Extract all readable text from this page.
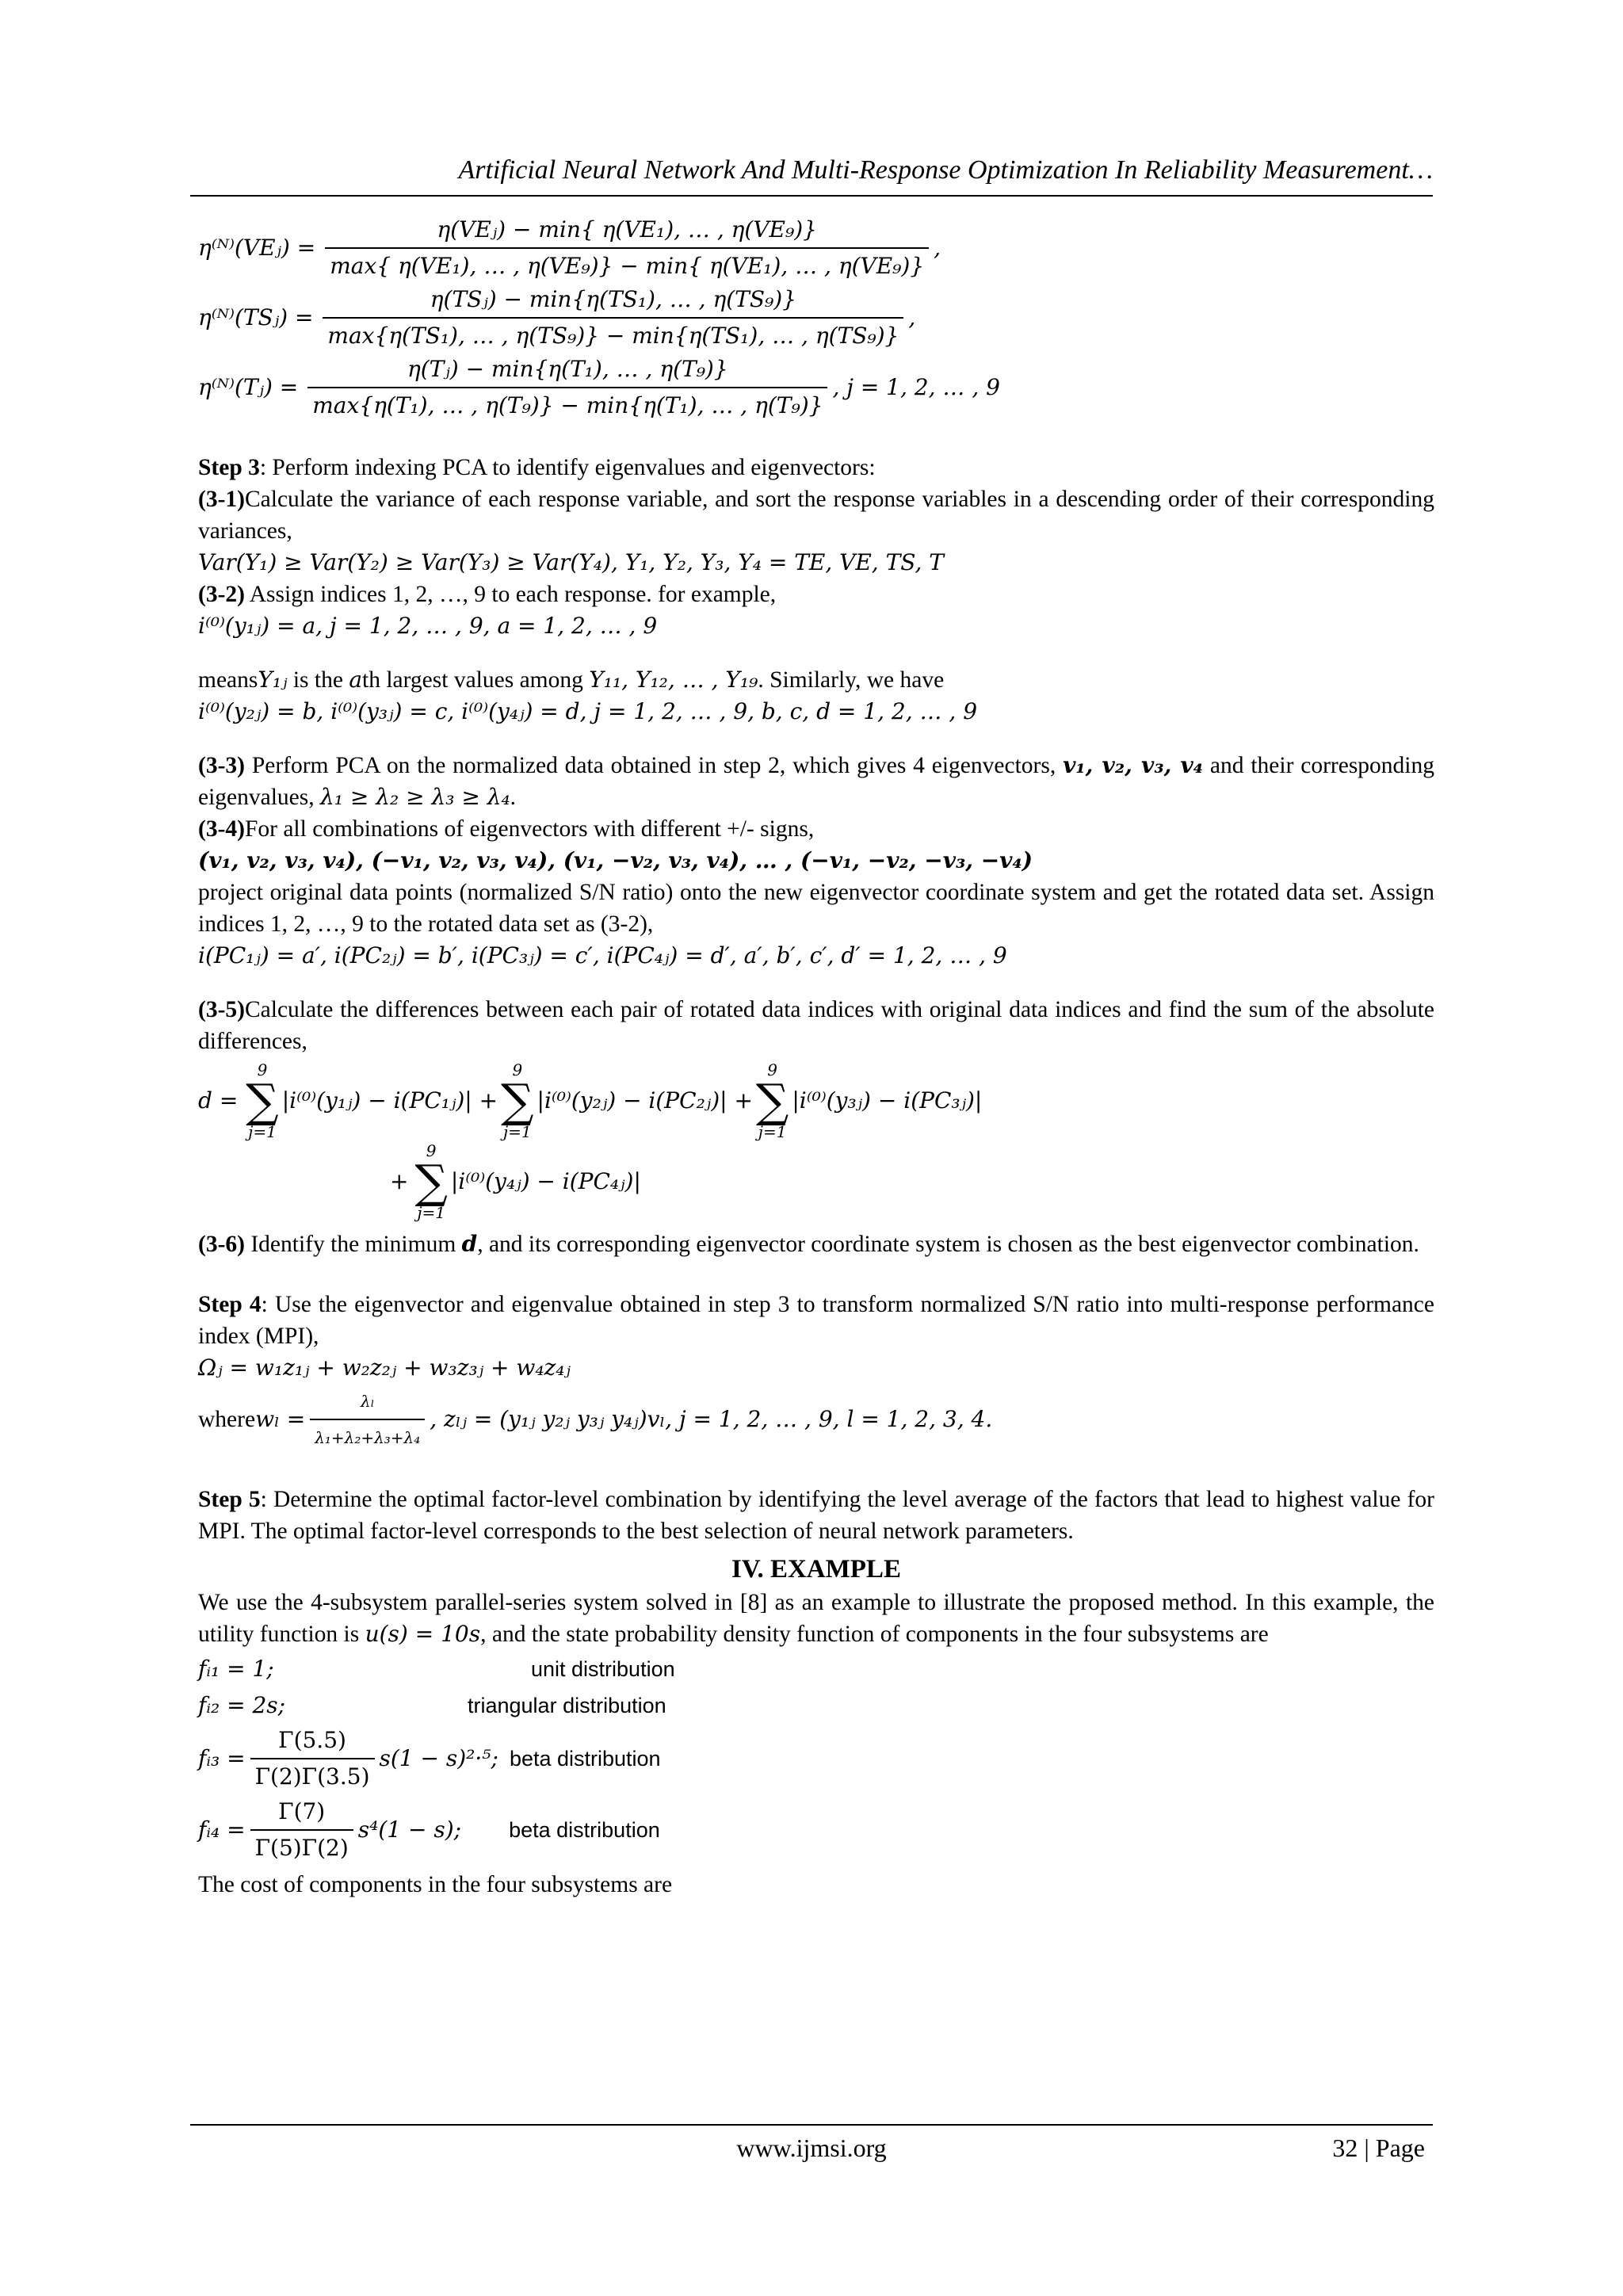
Artificial Neural Network And Multi-Response Optimization In Reliability Measurement…
η⁽ᴺ⁾(VEⱼ) = $\frac{\text{η(VEⱼ) − min\{ η(VE₁), … , η(VE₉)\}}}{\text{max\{ η(VE₁), … , η(VE₉)\} − min\{ η(VE₁), … , η(VE₉)\}}}$ ,
η⁽ᴺ⁾(TSⱼ) = $\frac{\text{η(TSⱼ) − min\{η(TS₁), … , η(TS₉)\}}}{\text{max\{η(TS₁), … , η(TS₉)\} − min\{η(TS₁), … , η(TS₉)\}}}$ ,
η⁽ᴺ⁾(Tⱼ) = $\frac{\text{η(Tⱼ) − min\{η(T₁), … , η(T₉)\}}}{\text{max\{η(T₁), … , η(T₉)\} − min\{η(T₁), … , η(T₉)\}}}$ , j = 1, 2, … , 9

Step 3: Perform indexing PCA to identify eigenvalues and eigenvectors:

(3-1)Calculate the variance of each response variable, and sort the response variables in a descending order of their corresponding variances,

Var(Y₁) ≥ Var(Y₂) ≥ Var(Y₃) ≥ Var(Y₄), Y₁, Y₂, Y₃, Y₄ = TE, VE, TS, T

(3-2) Assign indices 1, 2, …, 9 to each response. for example,

i⁽⁰⁾(y₁ⱼ) = a, j = 1, 2, … , 9, a = 1, 2, … , 9

meansY₁ⱼ is the ath largest values among Y₁₁, Y₁₂, … , Y₁₉. Similarly, we have

i⁽⁰⁾(y₂ⱼ) = b, i⁽⁰⁾(y₃ⱼ) = c, i⁽⁰⁾(y₄ⱼ) = d, j = 1, 2, … , 9, b, c, d = 1, 2, … , 9

(3-3) Perform PCA on the normalized data obtained in step 2, which gives 4 eigenvectors, v₁, v₂, v₃, v₄ and their corresponding eigenvalues, λ₁ ≥ λ₂ ≥ λ₃ ≥ λ₄.

(3-4)For all combinations of eigenvectors with different +/- signs,

(v₁, v₂, v₃, v₄), (−v₁, v₂, v₃, v₄), (v₁, −v₂, v₃, v₄), … , (−v₁, −v₂, −v₃, −v₄)

project original data points (normalized S/N ratio) onto the new eigenvector coordinate system and get the rotated data set. Assign indices 1, 2, …, 9 to the rotated data set as (3-2),

i(PC₁ⱼ) = a′, i(PC₂ⱼ) = b′, i(PC₃ⱼ) = c′, i(PC₄ⱼ) = d′, a′, b′, c′, d′ = 1, 2, … , 9

(3-5)Calculate the differences between each pair of rotated data indices with original data indices and find the sum of the absolute differences,

d =
9
∑
j=1
|i⁽⁰⁾(y₁ⱼ) − i(PC₁ⱼ)| +
9
∑
j=1
|i⁽⁰⁾(y₂ⱼ) − i(PC₂ⱼ)| +
9
∑
j=1
|i⁽⁰⁾(y₃ⱼ) − i(PC₃ⱼ)|
+
9
∑
j=1
|i⁽⁰⁾(y₄ⱼ) − i(PC₄ⱼ)|

(3-6) Identify the minimum d, and its corresponding eigenvector coordinate system is chosen as the best eigenvector combination.

Step 4: Use the eigenvector and eigenvalue obtained in step 3 to transform normalized S/N ratio into multi-response performance index (MPI),

Ωⱼ = w₁z₁ⱼ + w₂z₂ⱼ + w₃z₃ⱼ + w₄z₄ⱼ
where $w_l = \frac{\text{λₗ}}{\text{λ₁+λ₂+λ₃+λ₄}}$ , zₗⱼ = (y₁ⱼ y₂ⱼ y₃ⱼ y₄ⱼ)vₗ, j = 1, 2, … , 9, l = 1, 2, 3, 4.

Step 5: Determine the optimal factor-level combination by identifying the level average of the factors that lead to highest value for MPI. The optimal factor-level corresponds to the best selection of neural network parameters.

IV. EXAMPLE

We use the 4-subsystem parallel-series system solved in [8] as an example to illustrate the proposed method. In this example, the utility function is u(s) = 10s, and the state probability density function of components in the four subsystems are

fᵢ₁ = 1;	unit distribution
fᵢ₂ = 2s;	triangular distribution
fᵢ₃ = $\frac{\Gamma(5.5)}{\Gamma(2)\Gamma(3.5)} s(1 - s)^2\cdot^5$; beta distribution
fᵢ₄ = $\frac{\Gamma(7)}{\Gamma(5)\Gamma(2)} s^4(1 - s)$; beta distribution

The cost of components in the four subsystems are

www.ijmsi.org	32 | Page
